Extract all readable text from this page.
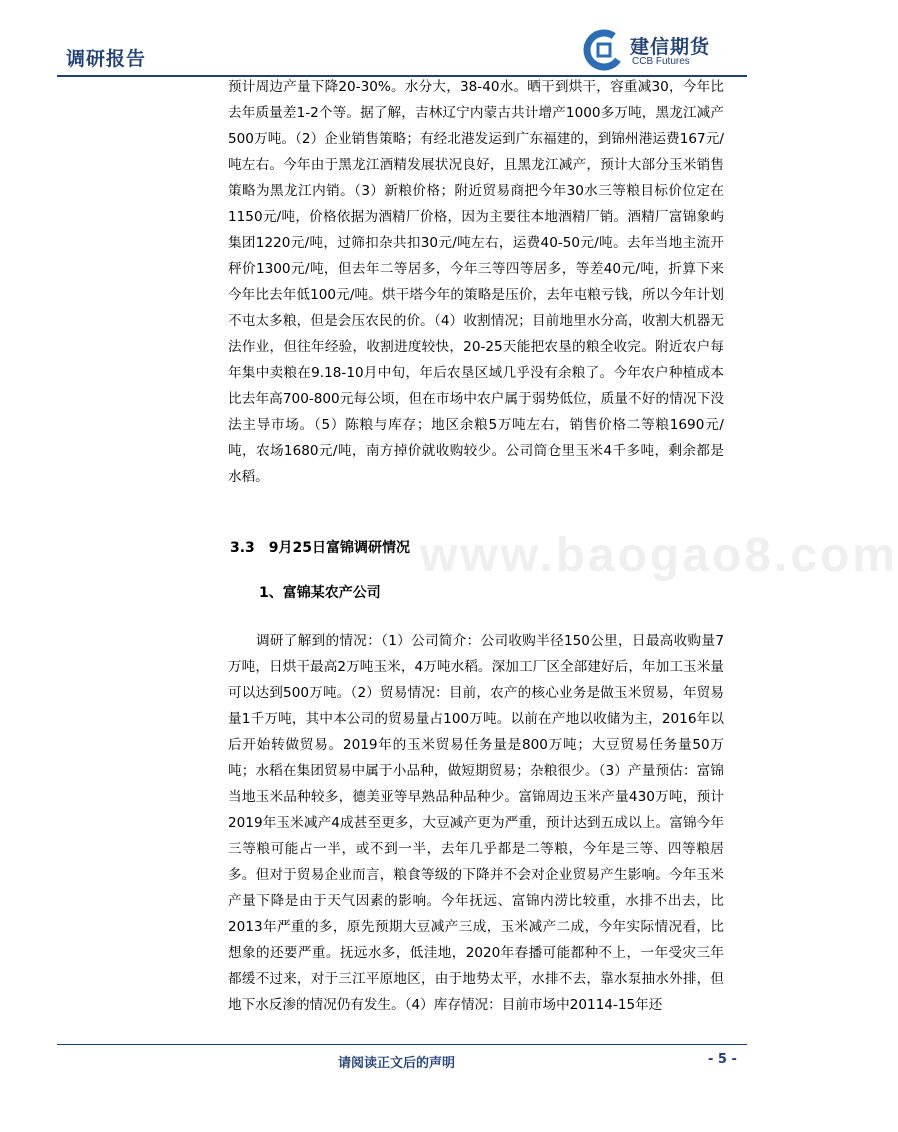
调研报告
建信期货
CCB Futures

预计周边产量下降20-30%。水分大，38-40水。晒干到烘干，容重减30，今年比去年质量差1-2个等。据了解，吉林辽宁内蒙古共计增产1000多万吨，黑龙江减产500万吨。（2）企业销售策略；有经北港发运到广东福建的，到锦州港运费167元/吨左右。今年由于黑龙江酒精发展状况良好，且黑龙江减产，预计大部分玉米销售策略为黑龙江内销。（3）新粮价格；附近贸易商把今年30水三等粮目标价位定在1150元/吨，价格依据为酒精厂价格，因为主要往本地酒精厂销。酒精厂富锦象屿集团1220元/吨，过筛扣杂共扣30元/吨左右，运费40-50元/吨。去年当地主流开秤价1300元/吨，但去年二等居多，今年三等四等居多，等差40元/吨，折算下来今年比去年低100元/吨。烘干塔今年的策略是压价，去年屯粮亏钱，所以今年计划不屯太多粮，但是会压农民的价。（4）收割情况；目前地里水分高，收割大机器无法作业，但往年经验，收割进度较快，20-25天能把农垦的粮全收完。附近农户每年集中卖粮在9.18-10月中旬，年后农垦区域几乎没有余粮了。今年农户种植成本比去年高700-800元每公顷，但在市场中农户属于弱势低位，质量不好的情况下没法主导市场。（5）陈粮与库存；地区余粮5万吨左右，销售价格二等粮1690元/吨，农场1680元/吨，南方掉价就收购较少。公司筒仓里玉米4千多吨，剩余都是水稻。

www.baogao8.com
3.3　9月25日富锦调研情况
1、富锦某农产公司

调研了解到的情况：（1）公司简介：公司收购半径150公里，日最高收购量7万吨，日烘干最高2万吨玉米，4万吨水稻。深加工厂区全部建好后，年加工玉米量可以达到500万吨。（2）贸易情况：目前，农产的核心业务是做玉米贸易，年贸易量1千万吨，其中本公司的贸易量占100万吨。以前在产地以收储为主，2016年以后开始转做贸易。2019年的玉米贸易任务量是800万吨；大豆贸易任务量50万吨；水稻在集团贸易中属于小品种，做短期贸易；杂粮很少。（3）产量预估：富锦当地玉米品种较多，德美亚等早熟品种品种少。富锦周边玉米产量430万吨，预计2019年玉米减产4成甚至更多，大豆减产更为严重，预计达到五成以上。富锦今年三等粮可能占一半，或不到一半，去年几乎都是二等粮，今年是三等、四等粮居多。但对于贸易企业而言，粮食等级的下降并不会对企业贸易产生影响。今年玉米产量下降是由于天气因素的影响。今年抚远、富锦内涝比较重，水排不出去，比2013年严重的多，原先预期大豆减产三成，玉米减产二成，今年实际情况看，比想象的还要严重。抚远水多，低洼地，2020年春播可能都种不上，一年受灾三年都缓不过来，对于三江平原地区，由于地势太平，水排不去，靠水泵抽水外排，但地下水反渗的情况仍有发生。（4）库存情况：目前市场中20114-15年还

请阅读正文后的声明	- 5 -
